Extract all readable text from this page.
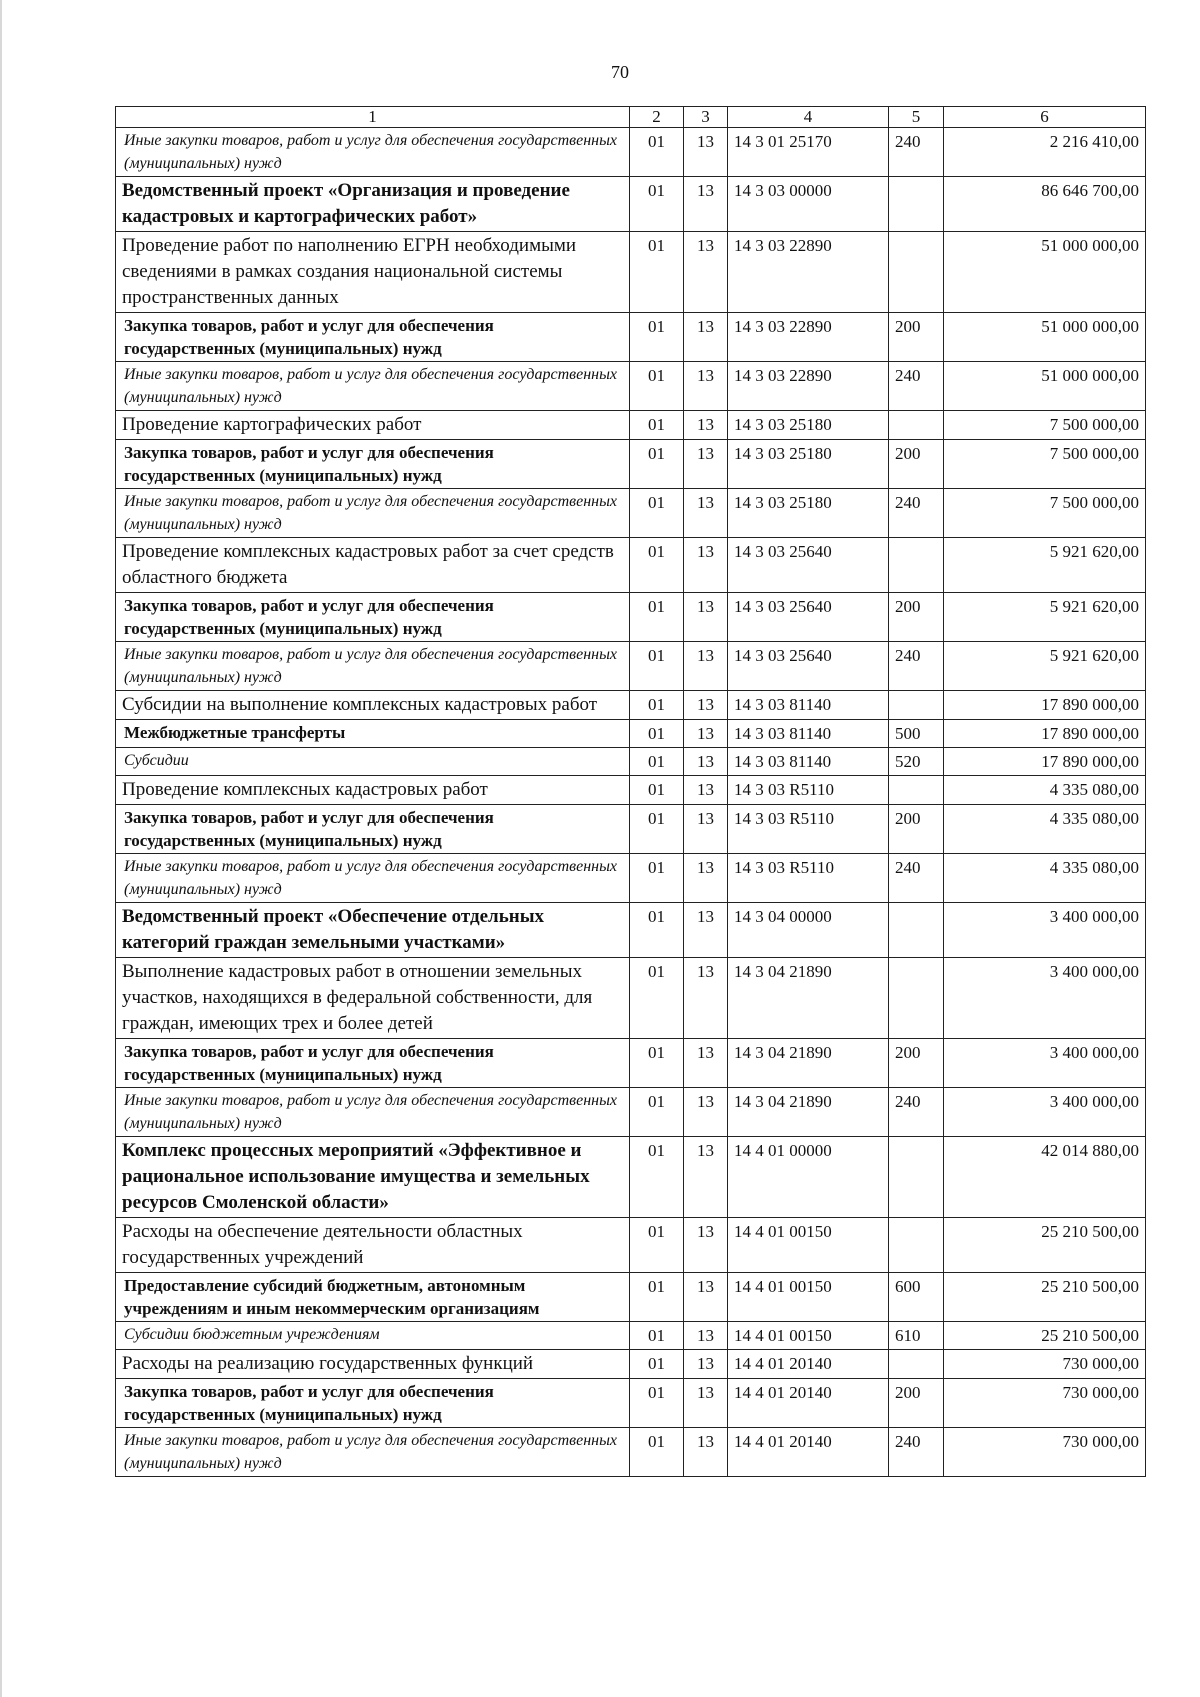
70
1	2	3	4	5	6
Иные закупки товаров, работ и услуг для обеспечения государственных (муниципальных) нужд	01	13	14 3 01 25170	240	2 216 410,00
Ведомственный проект «Организация и проведение кадастровых и картографических работ»	01	13	14 3 03 00000		86 646 700,00
Проведение работ по наполнению ЕГРН необходимыми сведениями в рамках создания национальной системы пространственных данных	01	13	14 3 03 22890		51 000 000,00
Закупка товаров, работ и услуг для обеспечения государственных (муниципальных) нужд	01	13	14 3 03 22890	200	51 000 000,00
Иные закупки товаров, работ и услуг для обеспечения государственных (муниципальных) нужд	01	13	14 3 03 22890	240	51 000 000,00
Проведение картографических работ	01	13	14 3 03 25180		7 500 000,00
Закупка товаров, работ и услуг для обеспечения государственных (муниципальных) нужд	01	13	14 3 03 25180	200	7 500 000,00
Иные закупки товаров, работ и услуг для обеспечения государственных (муниципальных) нужд	01	13	14 3 03 25180	240	7 500 000,00
Проведение комплексных кадастровых работ за счет средств областного бюджета	01	13	14 3 03 25640		5 921 620,00
Закупка товаров, работ и услуг для обеспечения государственных (муниципальных) нужд	01	13	14 3 03 25640	200	5 921 620,00
Иные закупки товаров, работ и услуг для обеспечения государственных (муниципальных) нужд	01	13	14 3 03 25640	240	5 921 620,00
Субсидии на выполнение комплексных кадастровых работ	01	13	14 3 03 81140		17 890 000,00
Межбюджетные трансферты	01	13	14 3 03 81140	500	17 890 000,00
Субсидии	01	13	14 3 03 81140	520	17 890 000,00
Проведение комплексных кадастровых работ	01	13	14 3 03 R5110		4 335 080,00
Закупка товаров, работ и услуг для обеспечения государственных (муниципальных) нужд	01	13	14 3 03 R5110	200	4 335 080,00
Иные закупки товаров, работ и услуг для обеспечения государственных (муниципальных) нужд	01	13	14 3 03 R5110	240	4 335 080,00
Ведомственный проект «Обеспечение отдельных категорий граждан земельными участками»	01	13	14 3 04 00000		3 400 000,00
Выполнение кадастровых работ в отношении земельных участков, находящихся в федеральной собственности, для граждан, имеющих трех и более детей	01	13	14 3 04 21890		3 400 000,00
Закупка товаров, работ и услуг для обеспечения государственных (муниципальных) нужд	01	13	14 3 04 21890	200	3 400 000,00
Иные закупки товаров, работ и услуг для обеспечения государственных (муниципальных) нужд	01	13	14 3 04 21890	240	3 400 000,00
Комплекс процессных мероприятий «Эффективное и рациональное использование имущества и земельных ресурсов Смоленской области»	01	13	14 4 01 00000		42 014 880,00
Расходы на обеспечение деятельности областных государственных учреждений	01	13	14 4 01 00150		25 210 500,00
Предоставление субсидий бюджетным, автономным учреждениям и иным некоммерческим организациям	01	13	14 4 01 00150	600	25 210 500,00
Субсидии бюджетным учреждениям	01	13	14 4 01 00150	610	25 210 500,00
Расходы на реализацию государственных функций	01	13	14 4 01 20140		730 000,00
Закупка товаров, работ и услуг для обеспечения государственных (муниципальных) нужд	01	13	14 4 01 20140	200	730 000,00
Иные закупки товаров, работ и услуг для обеспечения государственных (муниципальных) нужд	01	13	14 4 01 20140	240	730 000,00
